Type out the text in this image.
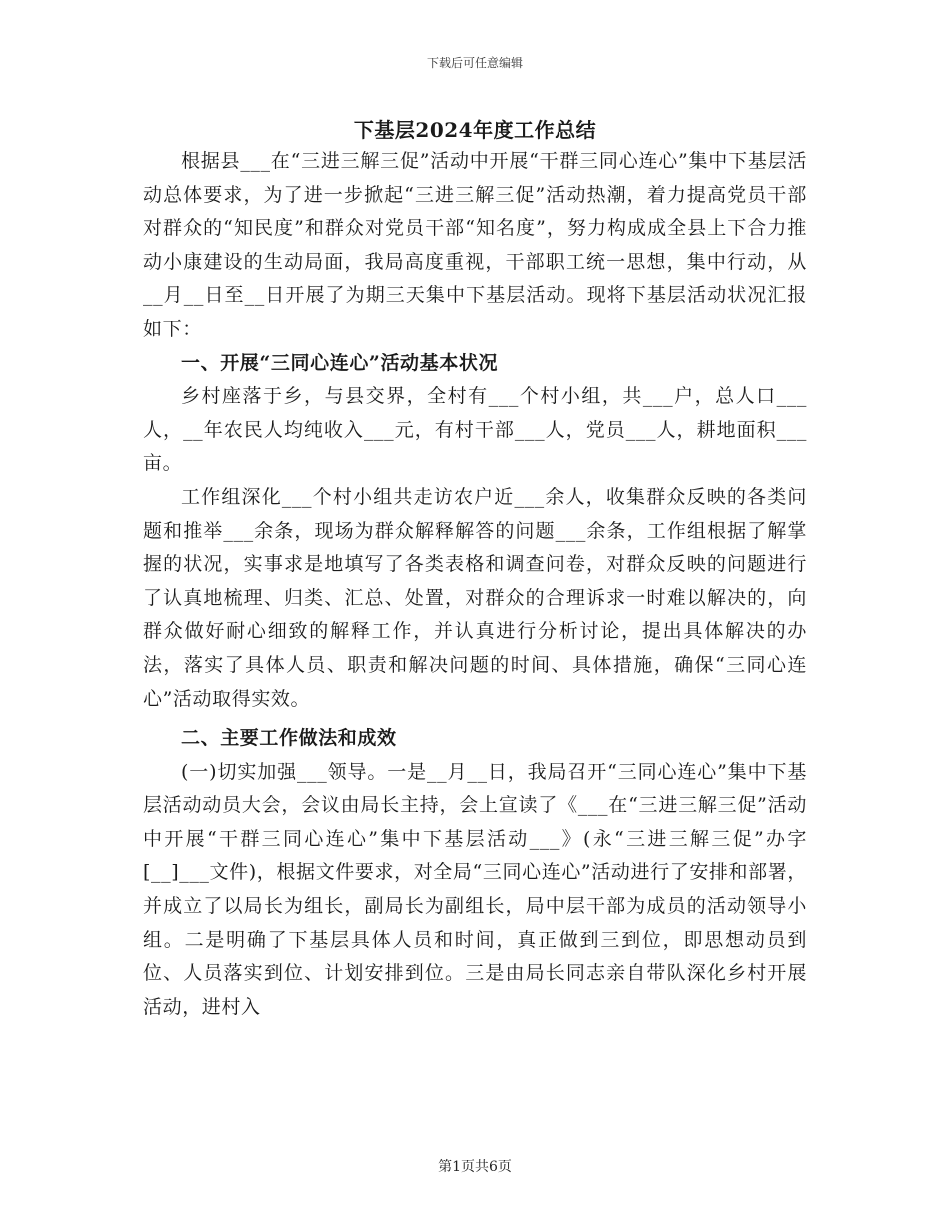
下载后可任意编辑
下基层2024年度工作总结

根据县___在“三进三解三促”活动中开展“干群三同心连心”集中下基层活动总体要求，为了进一步掀起“三进三解三促”活动热潮，着力提高党员干部对群众的“知民度”和群众对党员干部“知名度”，努力构成成全县上下合力推动小康建设的生动局面，我局高度重视，干部职工统一思想，集中行动，从__月__日至__日开展了为期三天集中下基层活动。现将下基层活动状况汇报如下：

一、开展“三同心连心”活动基本状况

乡村座落于乡，与县交界，全村有___个村小组，共___户，总人口___人，__年农民人均纯收入___元，有村干部___人，党员___人，耕地面积___亩。

工作组深化___个村小组共走访农户近___余人，收集群众反映的各类问题和推举___余条，现场为群众解释解答的问题___余条，工作组根据了解掌握的状况，实事求是地填写了各类表格和调查问卷，对群众反映的问题进行了认真地梳理、归类、汇总、处置，对群众的合理诉求一时难以解决的，向群众做好耐心细致的解释工作，并认真进行分析讨论，提出具体解决的办法，落实了具体人员、职责和解决问题的时间、具体措施，确保“三同心连心”活动取得实效。

二、主要工作做法和成效

(一)切实加强___领导。一是__月__日，我局召开“三同心连心”集中下基层活动动员大会，会议由局长主持，会上宣读了《___在“三进三解三促”活动中开展“干群三同心连心”集中下基层活动___》(永“三进三解三促”办字[__]___文件)，根据文件要求，对全局“三同心连心”活动进行了安排和部署，并成立了以局长为组长，副局长为副组长，局中层干部为成员的活动领导小组。二是明确了下基层具体人员和时间，真正做到三到位，即思想动员到位、人员落实到位、计划安排到位。三是由局长同志亲自带队深化乡村开展活动，进村入

第1页共6页
